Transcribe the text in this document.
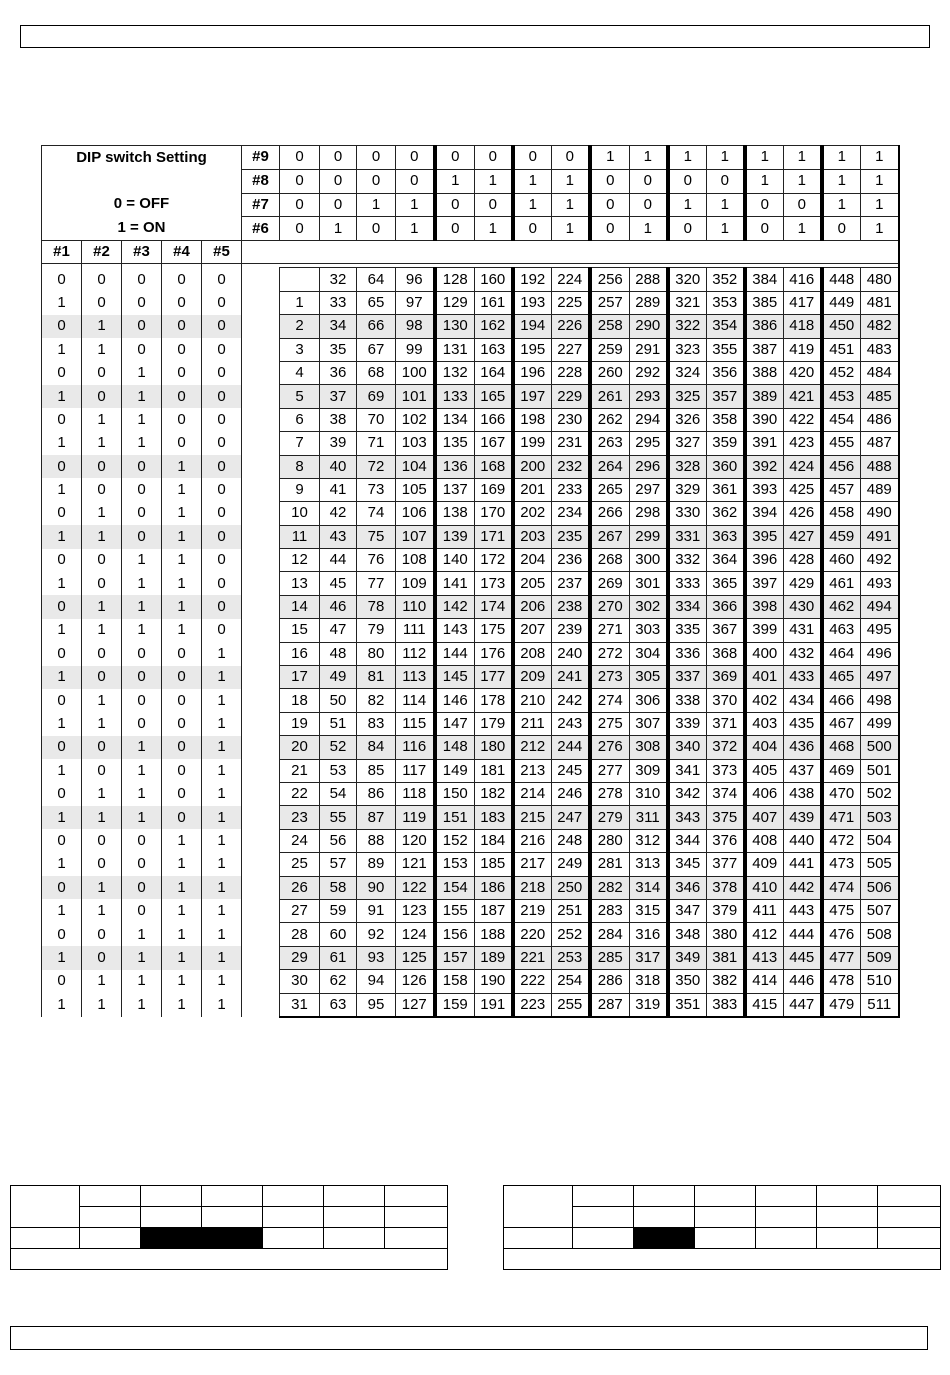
DIP switch Setting
0 = OFF
1 = ON					#9	0	0	0	0	0	0	0	0	1	1	1	1	1	1	1	1
					#8	0	0	0	0	1	1	1	1	0	0	0	0	1	1	1	1
					#7	0	0	1	1	0	0	1	1	0	0	1	1	0	0	1	1
					#6	0	1	0	1	0	1	0	1	0	1	0	1	0	1	0	1
#1	#2	#3	#4	#5																	

0	0	0	0	0			32	64	96	128	160	192	224	256	288	320	352	384	416	448	480
1	0	0	0	0		1	33	65	97	129	161	193	225	257	289	321	353	385	417	449	481
0	1	0	0	0		2	34	66	98	130	162	194	226	258	290	322	354	386	418	450	482
1	1	0	0	0		3	35	67	99	131	163	195	227	259	291	323	355	387	419	451	483
0	0	1	0	0		4	36	68	100	132	164	196	228	260	292	324	356	388	420	452	484
1	0	1	0	0		5	37	69	101	133	165	197	229	261	293	325	357	389	421	453	485
0	1	1	0	0		6	38	70	102	134	166	198	230	262	294	326	358	390	422	454	486
1	1	1	0	0		7	39	71	103	135	167	199	231	263	295	327	359	391	423	455	487
0	0	0	1	0		8	40	72	104	136	168	200	232	264	296	328	360	392	424	456	488
1	0	0	1	0		9	41	73	105	137	169	201	233	265	297	329	361	393	425	457	489
0	1	0	1	0		10	42	74	106	138	170	202	234	266	298	330	362	394	426	458	490
1	1	0	1	0		11	43	75	107	139	171	203	235	267	299	331	363	395	427	459	491
0	0	1	1	0		12	44	76	108	140	172	204	236	268	300	332	364	396	428	460	492
1	0	1	1	0		13	45	77	109	141	173	205	237	269	301	333	365	397	429	461	493
0	1	1	1	0		14	46	78	110	142	174	206	238	270	302	334	366	398	430	462	494
1	1	1	1	0		15	47	79	111	143	175	207	239	271	303	335	367	399	431	463	495
0	0	0	0	1		16	48	80	112	144	176	208	240	272	304	336	368	400	432	464	496
1	0	0	0	1		17	49	81	113	145	177	209	241	273	305	337	369	401	433	465	497
0	1	0	0	1		18	50	82	114	146	178	210	242	274	306	338	370	402	434	466	498
1	1	0	0	1		19	51	83	115	147	179	211	243	275	307	339	371	403	435	467	499
0	0	1	0	1		20	52	84	116	148	180	212	244	276	308	340	372	404	436	468	500
1	0	1	0	1		21	53	85	117	149	181	213	245	277	309	341	373	405	437	469	501
0	1	1	0	1		22	54	86	118	150	182	214	246	278	310	342	374	406	438	470	502
1	1	1	0	1		23	55	87	119	151	183	215	247	279	311	343	375	407	439	471	503
0	0	0	1	1		24	56	88	120	152	184	216	248	280	312	344	376	408	440	472	504
1	0	0	1	1		25	57	89	121	153	185	217	249	281	313	345	377	409	441	473	505
0	1	0	1	1		26	58	90	122	154	186	218	250	282	314	346	378	410	442	474	506
1	1	0	1	1		27	59	91	123	155	187	219	251	283	315	347	379	411	443	475	507
0	0	1	1	1		28	60	92	124	156	188	220	252	284	316	348	380	412	444	476	508
1	0	1	1	1		29	61	93	125	157	189	221	253	285	317	349	381	413	445	477	509
0	1	1	1	1		30	62	94	126	158	190	222	254	286	318	350	382	414	446	478	510
1	1	1	1	1		31	63	95	127	159	191	223	255	287	319	351	383	415	447	479	511
